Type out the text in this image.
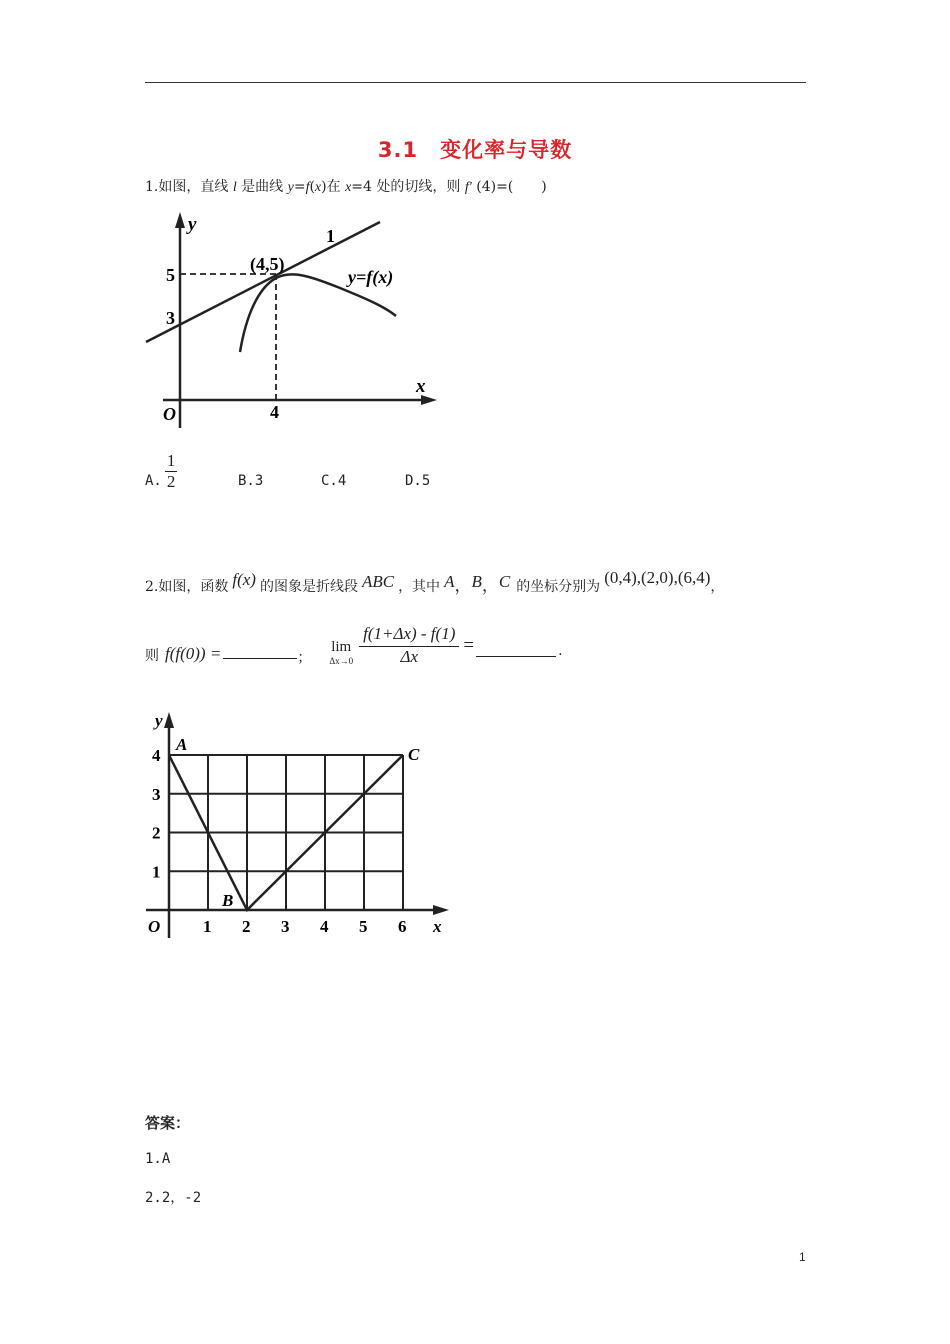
3.1　变化率与导数
1.如图，直线 l 是曲线 y=f(x)在 x=4 处的切线，则 f′ (4)=(　　)
y
x
O
5
3
4
(4,5)
1
y=f(x)
A. $\frac{1}{2}$	B.3	C.4	D.5
2.如图，函数 f(x) 的图象是折线段 ABC ，其中 A，B，C 的坐标分别为 (0,4),(2,0),(6,4)，
则 f(f(0)) =	；
lim
$\Delta x\to 0 \frac{f(1+\Delta x) - f(1)}{\Delta x}$ =	.
y
x
O
A
B
C
1 2 3 4 5 6
1
2
3
4
答案：
1.A
2.2，-2
1
